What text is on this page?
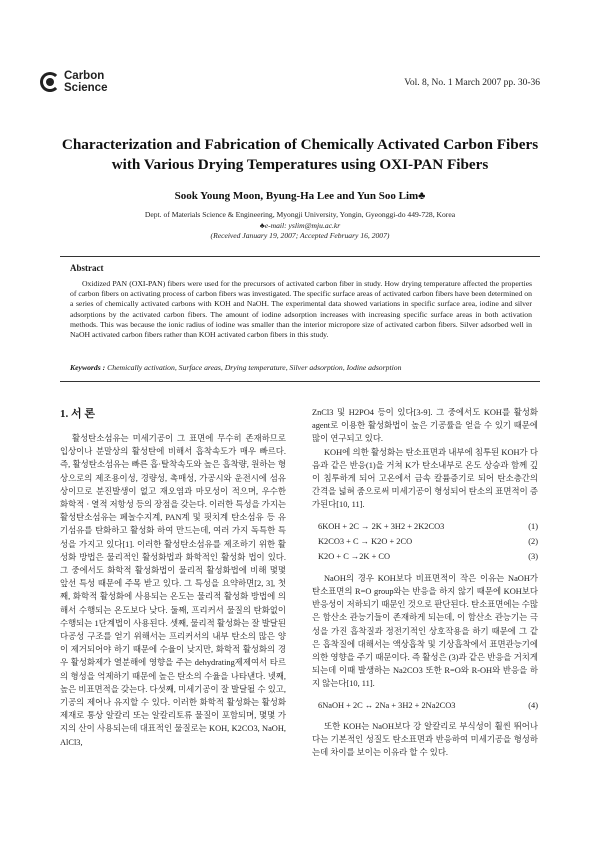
Carbon
Science	Vol. 8, No. 1 March 2007 pp. 30-36
Characterization and Fabrication of Chemically Activated Carbon Fibers
with Various Drying Temperatures using OXI-PAN Fibers
Sook Young Moon, Byung-Ha Lee and Yun Soo Lim♣
Dept. of Materials Science & Engineering, Myongji University, Yongin, Gyeonggi-do 449-728, Korea
♣e-mail: yslim@mju.ac.kr
(Received January 19, 2007; Accepted February 16, 2007)
Abstract
Oxidized PAN (OXI-PAN) fibers were used for the precursors of activated carbon fiber in study. How drying temperature affected the properties of carbon fibers on activating process of carbon fibers was investigated. The specific surface areas of activated carbon fibers have been determined on a series of chemically activated carbons with KOH and NaOH. The experimental data showed variations in specific surface area, iodine and silver adsorptions by the activated carbon fibers. The amount of iodine adsorption increases with increasing specific surface areas in both activation methods. This was because the ionic radius of iodine was smaller than the interior micropore size of activated carbon fibers. Silver adsorbed well in NaOH activated carbon fibers rather than KOH activated carbon fibers in this study.
Keywords : Chemically activation, Surface areas, Drying temperature, Silver adsorption, Iodine adsorption
1. 서 론

활성탄소섬유는 미세기공이 그 표면에 무수히 존재하므로 입상이나 분말상의 활성탄에 비해서 흡착속도가 매우 빠르다. 즉, 활성탄소섬유는 빠른 흡·탈착속도와 높은 흡착량, 원하는 형상으로의 제조용이성, 경량성, 촉매성, 가공시와 운전시에 섬유상이므로 분진발생이 없고 재오염과 마모성이 적으며, 우수한 화학적 · 열적 저항성 등의 장점을 갖는다. 이러한 특성을 가지는 활성탄소섬유는 페놀수지계, PAN계 및 핏치계 탄소섬유 등 유기섬유를 탄화하고 활성화 하여 만드는데, 여러 가지 독특한 특성을 가지고 있다[1]. 이러한 활성탄소섬유를 제조하기 위한 활성화 방법은 물리적인 활성화법과 화학적인 활성화 법이 있다. 그 중에서도 화학적 활성화법이 물리적 활성화법에 비해 몇몇 앞선 특성 때문에 주목 받고 있다. 그 특성을 요약하면[2, 3], 첫째, 화학적 활성화에 사용되는 온도는 물리적 활성화 방법에 의해서 수행되는 온도보다 낮다. 둘째, 프리커서 물질의 탄화없이 수행되는 1단계법이 사용된다. 셋째, 물리적 활성화는 잘 발달된 다공성 구조를 얻기 위해서는 프리커서의 내부 탄소의 많은 양이 제거되어야 하기 때문에 수율이 낮지만, 화학적 활성화의 경우 활성화제가 열분해에 영향을 주는 dehydrating제제여서 타르의 형성을 억제하기 때문에 높은 탄소의 수율을 나타낸다. 넷째, 높은 비표면적을 갖는다. 다섯째, 미세기공이 잘 발달될 수 있고, 기공의 제어나 유지할 수 있다. 이러한 화학적 활성화는 활성화 제재로 통상 알칼리 또는 알칼리토류 물질이 포함되며, 몇몇 가지의 산이 사용되는데 대표적인 물질로는 KOH, K2CO3, NaOH, AlCl3,

ZnCl3 및 H2PO4 등이 있다[3-9]. 그 중에서도 KOH를 활성화 agent로 이용한 활성화법이 높은 기공률을 얻을 수 있기 때문에 많이 연구되고 있다.

KOH에 의한 활성화는 탄소표면과 내부에 침투된 KOH가 다음과 같은 반응(1)을 거쳐 K가 탄소내부로 온도 상승과 함께 깊이 침투하게 되어 고온에서 금속 칼륨증기로 되어 탄소층간의 간격을 넓혀 줌으로써 미세기공이 형성되어 탄소의 표면적이 증가된다[10, 11].

6KOH + 2C → 2K + 3H2 + 2K2CO3	(1)
K2CO3 + C → K2O + 2CO	(2)
K2O + C →2K + CO	(3)

NaOH의 경우 KOH보다 비표면적이 작은 이유는 NaOH가 탄소표면의 R=O group와는 반응을 하지 않기 때문에 KOH보다 반응성이 저하되기 때문인 것으로 판단된다. 탄소표면에는 수많은 함산소 관능기들이 존재하게 되는데, 이 함산소 관능기는 극성을 가진 흡착질과 정전기적인 상호작용을 하기 때문에 그 같은 흡착질에 대해서는 액상흡착 및 기상흡착에서 표면관능기에 의한 영향을 주기 때문이다. 즉 활성은 (3)과 같은 반응을 거치게 되는데 이때 발생하는 Na2CO3 또한 R=O와 R-OH와 반응을 하지 않는다[10, 11].

6NaOH + 2C ↔ 2Na + 3H2 + 2Na2CO3	(4)

또한 KOH는 NaOH보다 강 알칼리로 부식성이 훨씬 뛰어나다는 기본적인 성질도 탄소표면과 반응하여 미세기공을 형성하는데 차이를 보이는 이유라 할 수 있다.
